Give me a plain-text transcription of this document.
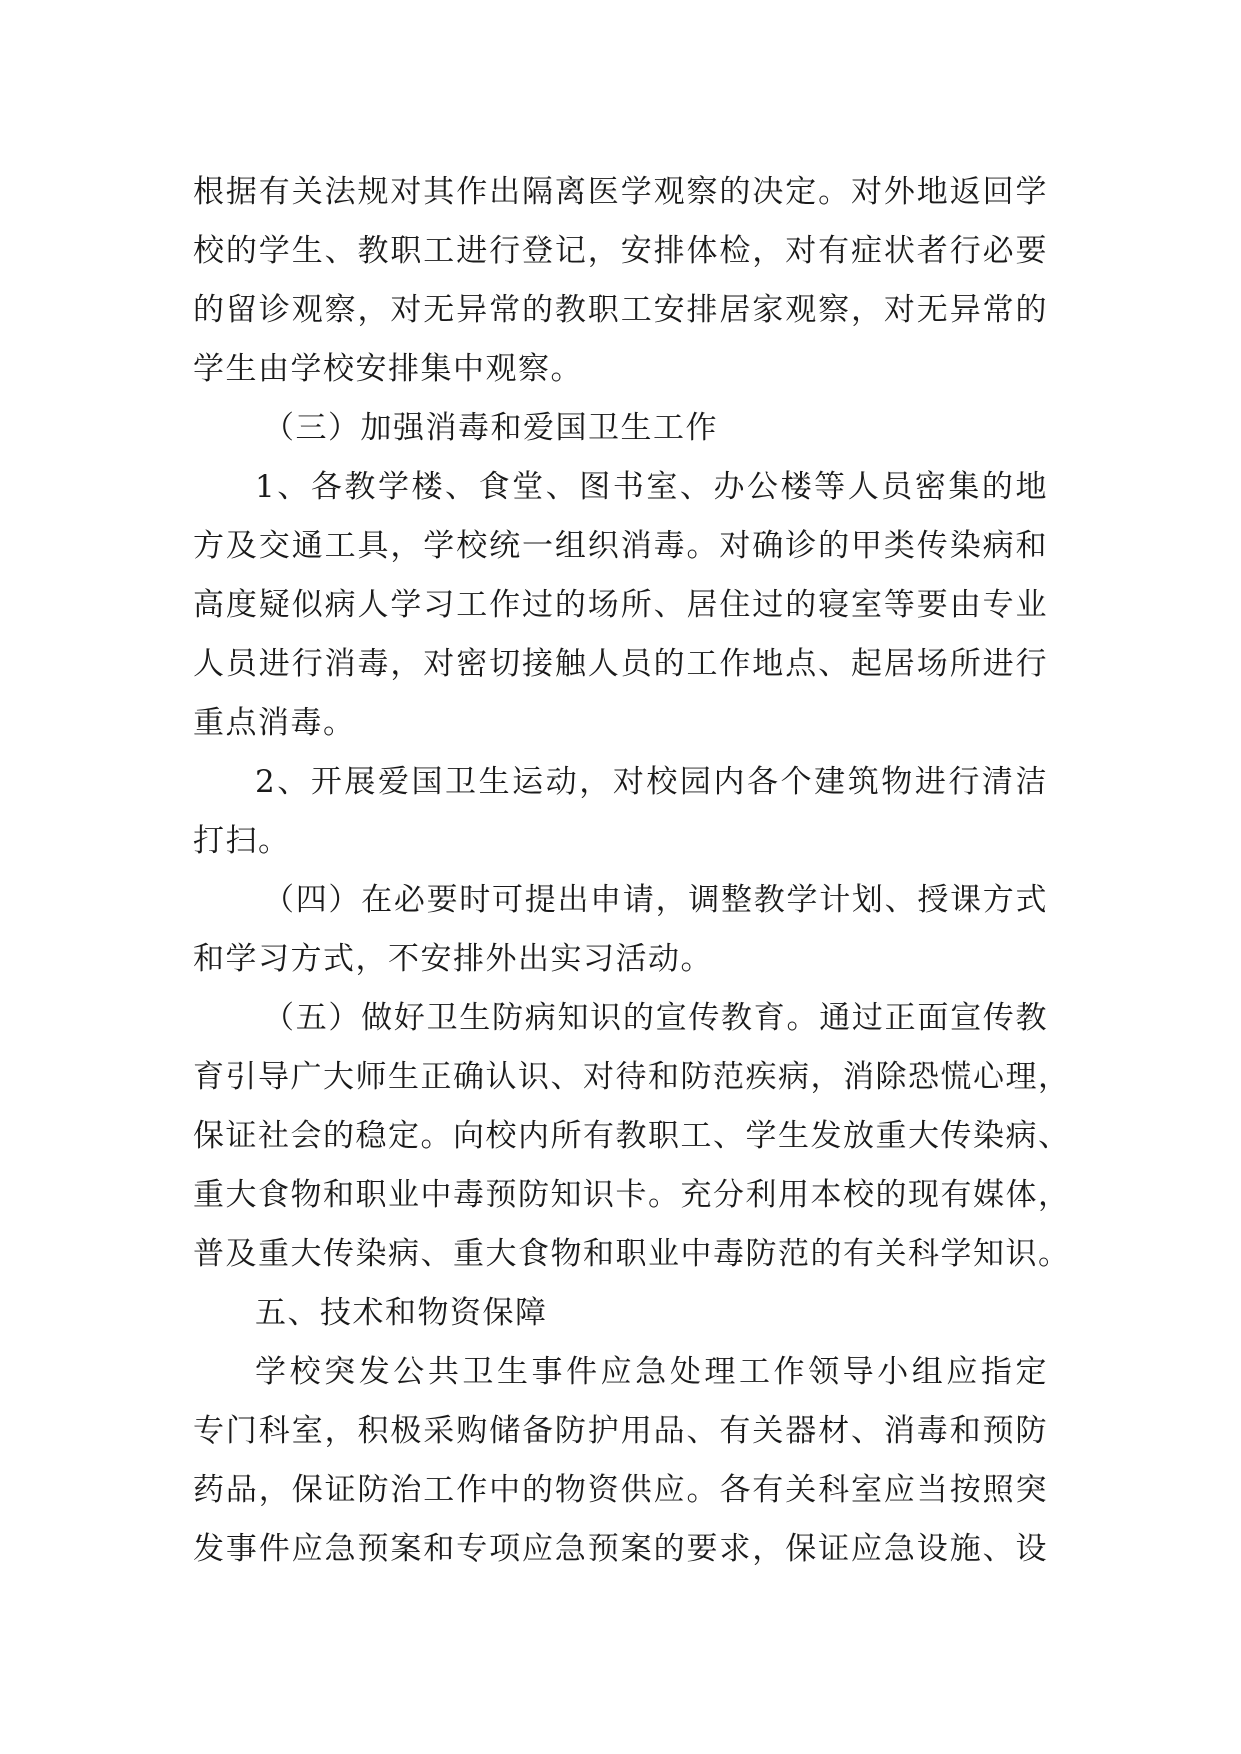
根据有关法规对其作出隔离医学观察的决定。对外地返回学
校的学生、教职工进行登记，安排体检，对有症状者行必要
的留诊观察，对无异常的教职工安排居家观察，对无异常的
学生由学校安排集中观察。
（三）加强消毒和爱国卫生工作
1、各教学楼、食堂、图书室、办公楼等人员密集的地
方及交通工具，学校统一组织消毒。对确诊的甲类传染病和
高度疑似病人学习工作过的场所、居住过的寝室等要由专业
人员进行消毒，对密切接触人员的工作地点、起居场所进行
重点消毒。
2、开展爱国卫生运动，对校园内各个建筑物进行清洁
打扫。
（四）在必要时可提出申请，调整教学计划、授课方式
和学习方式，不安排外出实习活动。
（五）做好卫生防病知识的宣传教育。通过正面宣传教
育引导广大师生正确认识、对待和防范疾病，消除恐慌心理，
保证社会的稳定。向校内所有教职工、学生发放重大传染病、
重大食物和职业中毒预防知识卡。充分利用本校的现有媒体，
普及重大传染病、重大食物和职业中毒防范的有关科学知识。
五、技术和物资保障
学校突发公共卫生事件应急处理工作领导小组应指定
专门科室，积极采购储备防护用品、有关器材、消毒和预防
药品，保证防治工作中的物资供应。各有关科室应当按照突
发事件应急预案和专项应急预案的要求，保证应急设施、设
